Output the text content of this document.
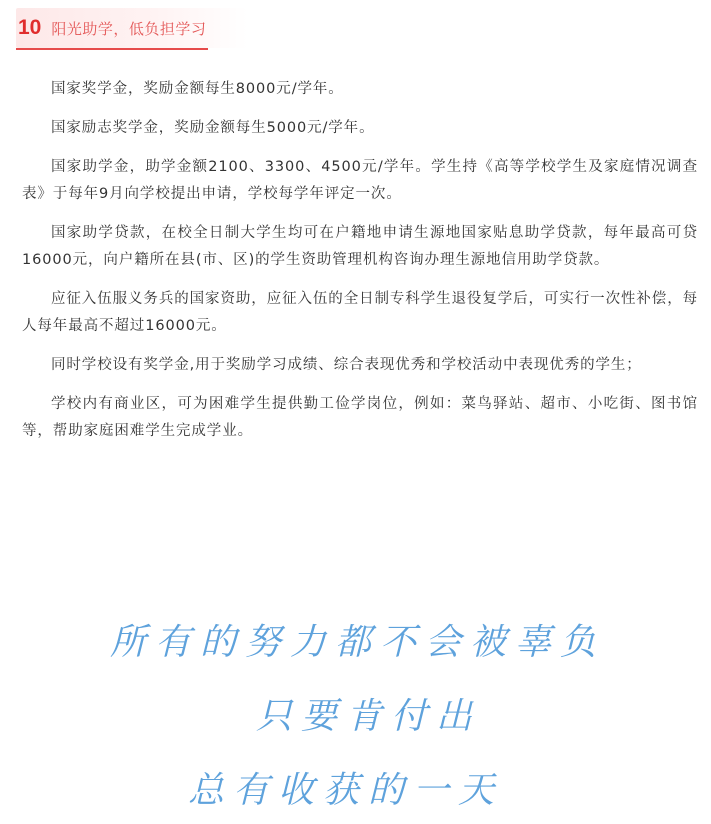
10 阳光助学，低负担学习

国家奖学金，奖励金额每生8000元/学年。

国家励志奖学金，奖励金额每生5000元/学年。

国家助学金，助学金额2100、3300、4500元/学年。学生持《高等学校学生及家庭情况调查表》于每年9月向学校提出申请，学校每学年评定一次。

国家助学贷款，在校全日制大学生均可在户籍地申请生源地国家贴息助学贷款，每年最高可贷16000元，向户籍所在县(市、区)的学生资助管理机构咨询办理生源地信用助学贷款。

应征入伍服义务兵的国家资助，应征入伍的全日制专科学生退役复学后，可实行一次性补偿，每人每年最高不超过16000元。

同时学校设有奖学金,用于奖励学习成绩、综合表现优秀和学校活动中表现优秀的学生；

学校内有商业区，可为困难学生提供勤工俭学岗位，例如：菜鸟驿站、超市、小吃街、图书馆等，帮助家庭困难学生完成学业。

所有的努力都不会被辜负
只要肯付出
总有收获的一天
